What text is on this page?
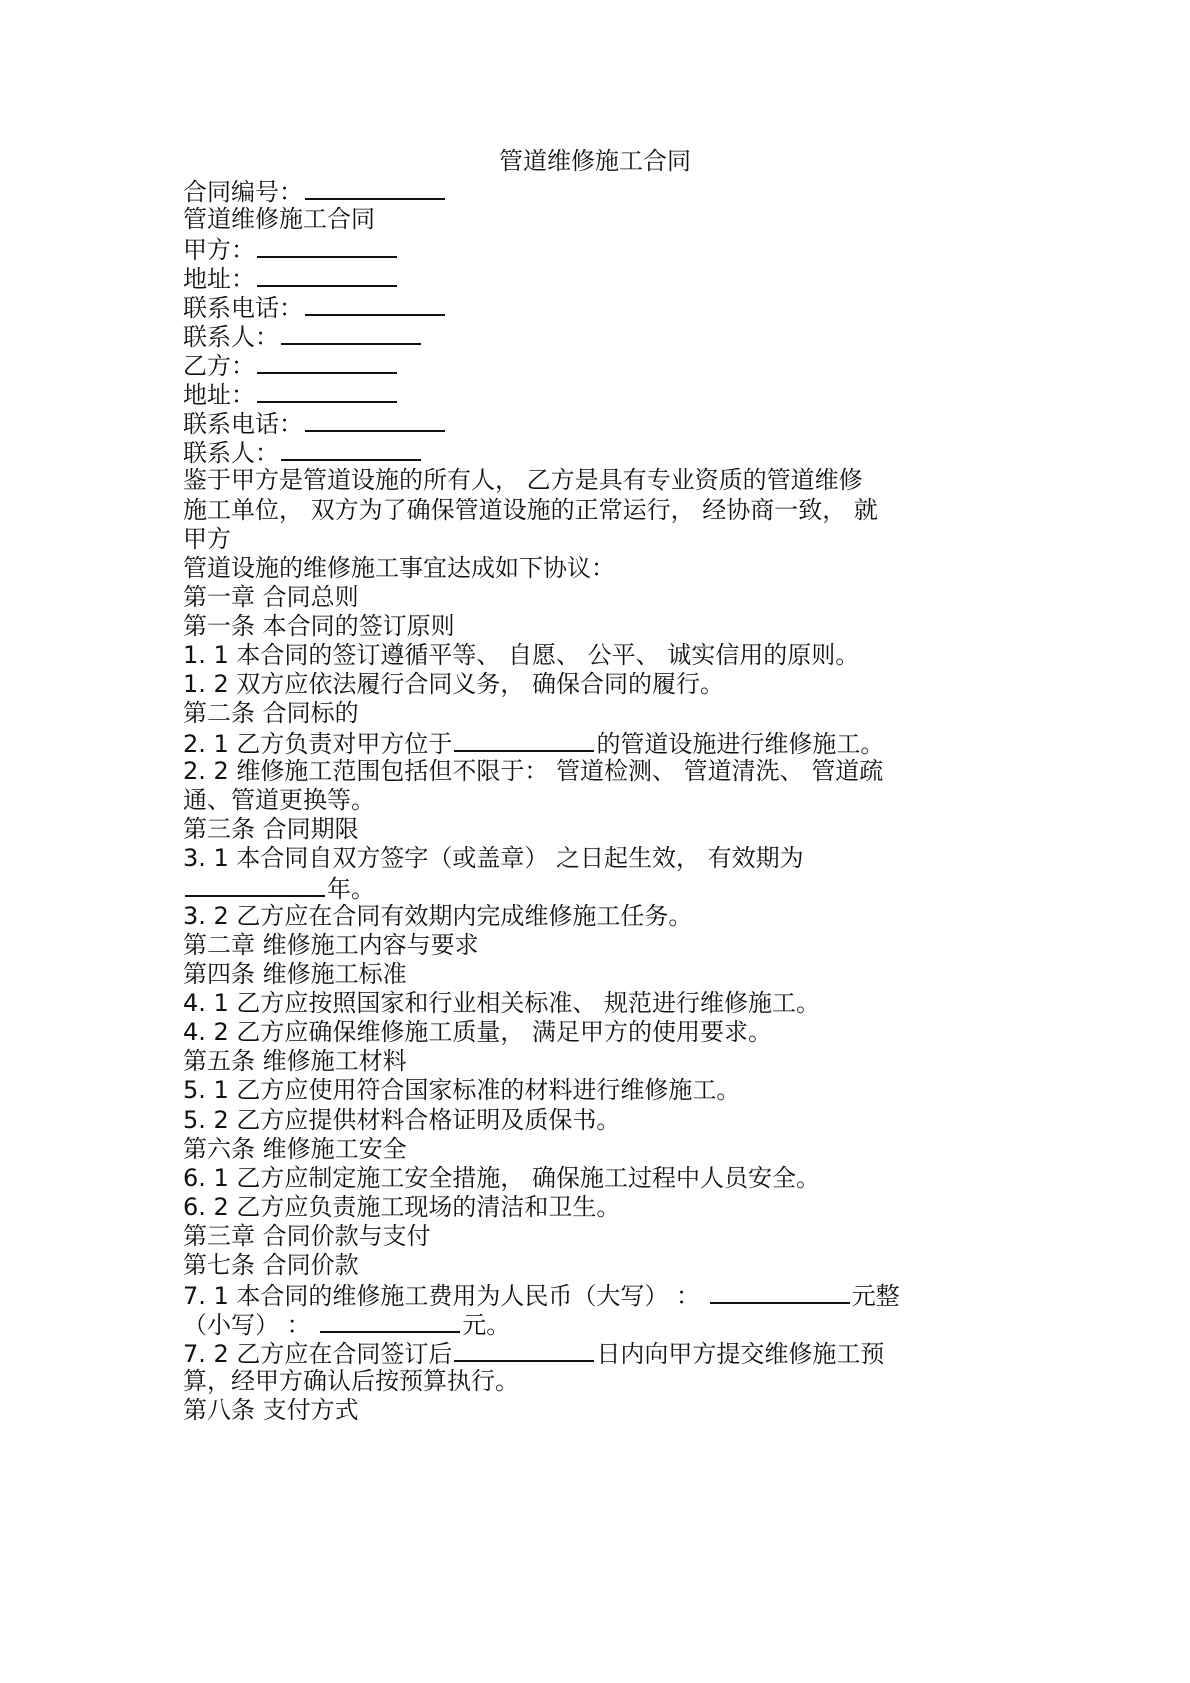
管道维修施工合同
合同编号：
管道维修施工合同
甲方：
地址：
联系电话：
联系人：
乙方：
地址：
联系电话：
联系人：
鉴于甲方是管道设施的所有人， 乙方是具有专业资质的管道维修
施工单位， 双方为了确保管道设施的正常运行， 经协商一致， 就
甲方
管道设施的维修施工事宜达成如下协议：
第一章 合同总则
第一条 本合同的签订原则
1. 1 本合同的签订遵循平等、 自愿、 公平、 诚实信用的原则。
1. 2 双方应依法履行合同义务， 确保合同的履行。
第二条 合同标的
2. 1 乙方负责对甲方位于	的管道设施进行维修施工。
2. 2 维修施工范围包括但不限于： 管道检测、 管道清洗、 管道疏
通、管道更换等。
第三条 合同期限
3. 1 本合同自双方签字（或盖章） 之日起生效， 有效期为
年。
3. 2 乙方应在合同有效期内完成维修施工任务。
第二章 维修施工内容与要求
第四条 维修施工标准
4. 1 乙方应按照国家和行业相关标准、 规范进行维修施工。
4. 2 乙方应确保维修施工质量， 满足甲方的使用要求。
第五条 维修施工材料
5. 1 乙方应使用符合国家标准的材料进行维修施工。
5. 2 乙方应提供材料合格证明及质保书。
第六条 维修施工安全
6. 1 乙方应制定施工安全措施， 确保施工过程中人员安全。
6. 2 乙方应负责施工现场的清洁和卫生。
第三章 合同价款与支付
第七条 合同价款
7. 1 本合同的维修施工费用为人民币（大写） ：	元整
（小写） ：	元。
7. 2 乙方应在合同签订后	日内向甲方提交维修施工预
算，经甲方确认后按预算执行。
第八条 支付方式
